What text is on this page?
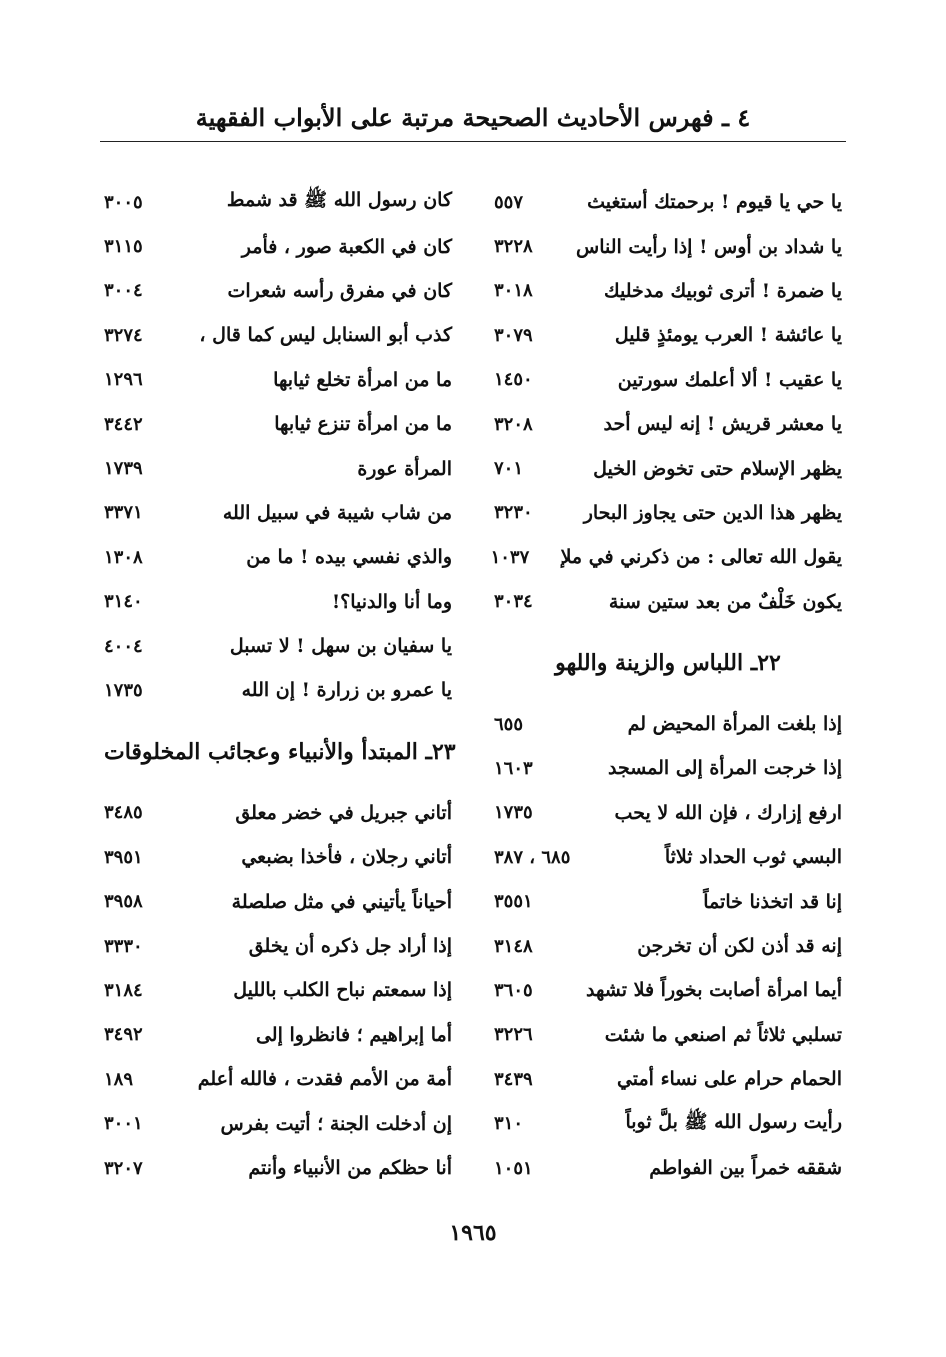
٤ ـ فهرس الأحاديث الصحيحة مرتبة على الأبواب الفقهية
يا حي يا قيوم ! برحمتك أستغيث
٥٥٧
يا شداد بن أوس ! إذا رأيت الناس
٣٢٢٨
يا ضمرة ! أترى ثوبيك مدخليك
٣٠١٨
يا عائشة ! العرب يومئذٍ قليل
٣٠٧٩
يا عقيب ! ألا أعلمك سورتين
١٤٥٠
يا معشر قريش ! إنه ليس أحد
٣٢٠٨
يظهر الإسلام حتى تخوض الخيل
٧٠١
يظهر هذا الدين حتى يجاوز البحار
٣٢٣٠
يقول الله تعالى : من ذكرني في ملإ
١٠٣٧
يكون خَلْفٌ من بعد ستين سنة
٣٠٣٤
٢٢ـ اللباس والزينة واللهو
إذا بلغت المرأة المحيض لم
٦٥٥
إذا خرجت المرأة إلى المسجد
١٦٠٣
ارفع إزارك ، فإن الله لا يحب
١٧٣٥
البسي ثوب الحداد ثلاثاً
٦٨٥ ، ٣٨٧
إنا قد اتخذنا خاتماً
٣٥٥١
إنه قد أذن لكن أن تخرجن
٣١٤٨
أيما امرأة أصابت بخوراً فلا تشهد
٣٦٠٥
تسلبي ثلاثاً ثم اصنعي ما شئت
٣٢٢٦
الحمام حرام على نساء أمتي
٣٤٣٩
رأيت رسول الله ﷺ بلَّ ثوباً
٣١٠
شققه خمراً بين الفواطم
١٠٥١
كان رسول الله ﷺ قد شمط
٣٠٠٥
كان في الكعبة صور ، فأمر
٣١١٥
كان في مفرق رأسه شعرات
٣٠٠٤
كذب أبو السنابل ليس كما قال ،
٣٢٧٤
ما من امرأة تخلع ثيابها
١٢٩٦
ما من امرأة تنزع ثيابها
٣٤٤٢
المرأة عورة
١٧٣٩
من شاب شيبة في سبيل الله
٣٣٧١
والذي نفسي بيده ! ما من
١٣٠٨
وما أنا والدنيا؟!
٣١٤٠
يا سفيان بن سهل ! لا تسبل
٤٠٠٤
يا عمرو بن زرارة ! إن الله
١٧٣٥
٢٣ـ المبتدأ والأنبياء وعجائب المخلوقات
أتاني جبريل في خضر معلق
٣٤٨٥
أتاني رجلان ، فأخذا بضبعي
٣٩٥١
أحياناً يأتيني في مثل صلصلة
٣٩٥٨
إذا أراد جل ذكره أن يخلق
٣٣٣٠
إذا سمعتم نباح الكلب بالليل
٣١٨٤
أما إبراهيم ؛ فانظروا إلى
٣٤٩٢
أمة من الأمم فقدت ، فالله أعلم
١٨٩
إن أدخلت الجنة ؛ أتيت بفرس
٣٠٠١
أنا حظكم من الأنبياء وأنتم
٣٢٠٧
١٩٦٥
